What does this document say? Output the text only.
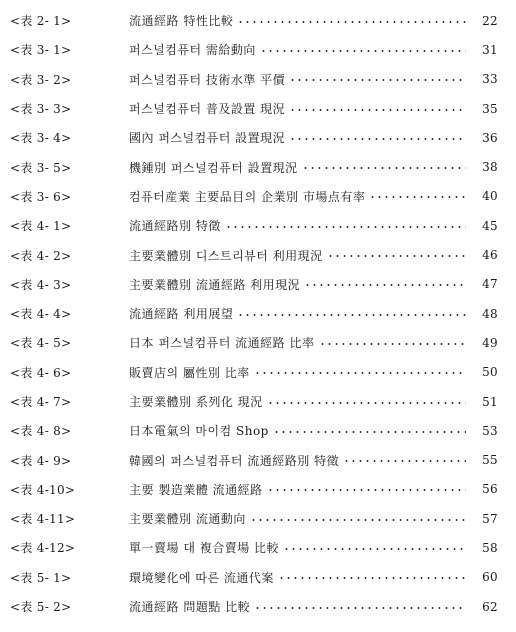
<表 2- 1>	流通經路 特性比較	22
<表 3- 1>	퍼스널컴퓨터 需給動向	31
<表 3- 2>	퍼스널컴퓨터 技術水準 平價	33
<表 3- 3>	퍼스널컴퓨터 普及設置 現況	35
<表 3- 4>	國內 퍼스널컴퓨터 設置現況	36
<表 3- 5>	機鍾別 퍼스널컴퓨터 設置現況	38
<表 3- 6>	컴퓨터産業 主要品目의 企業別 市場点有率	40
<表 4- 1>	流通經路別 特徵	45
<表 4- 2>	主要業體別 디스트리뷰터 利用現況	46
<表 4- 3>	主要業體別 流通經路 利用現況	47
<表 4- 4>	流通經路 利用展望	48
<表 4- 5>	日本 퍼스널컴퓨터 流通經路 比率	49
<表 4- 6>	販賣店의 屬性別 比率	50
<表 4- 7>	主要業體別 系列化 現況	51
<表 4- 8>	日本電氣의 마이컴 Shop	53
<表 4- 9>	韓國의 퍼스널컴퓨터 流通經路別 特徵	55
<表 4-10>	主要 製造業體 流通經路	56
<表 4-11>	主要業體別 流通動向	57
<表 4-12>	單一賣場 대 複合賣場 比較	58
<表 5- 1>	環境變化에 따른 流通代案	60
<表 5- 2>	流通經路 問題點 比較	62
